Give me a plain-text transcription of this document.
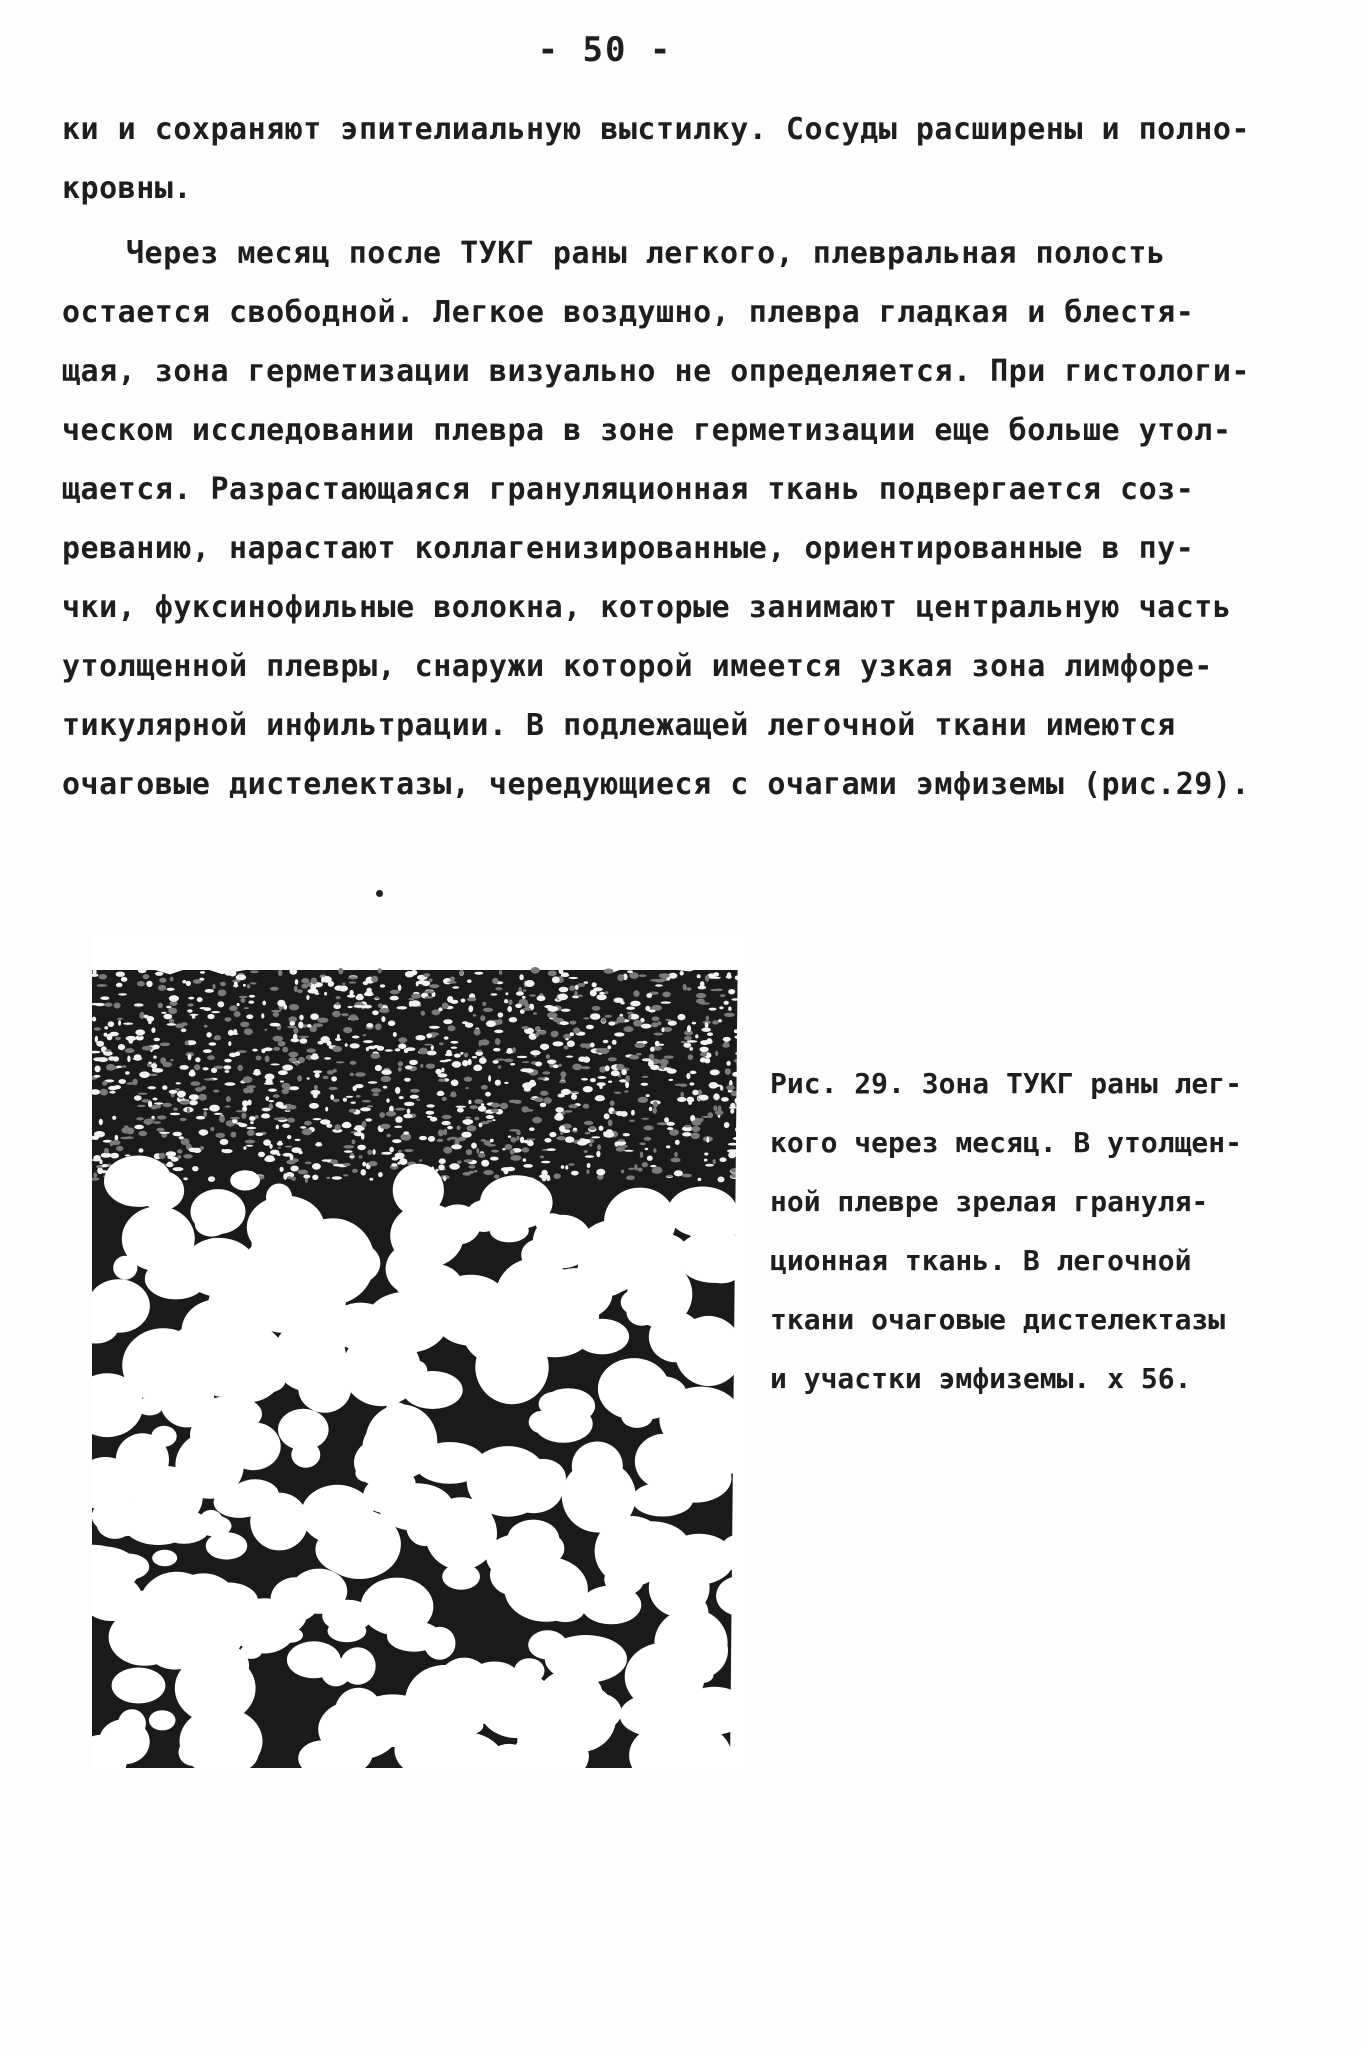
- 50 -
ки и сохраняют эпителиальную выстилку. Сосуды расширены и полно-
кровны.
Через месяц после ТУКГ раны легкого, плевральная полость
остается свободной. Легкое воздушно, плевра гладкая и блестя-
щая, зона герметизации визуально не определяется. При гистологи-
ческом исследовании плевра в зоне герметизации еще больше утол-
щается. Разрастающаяся грануляционная ткань подвергается соз-
реванию, нарастают коллагенизированные, ориентированные в пу-
чки, фуксинофильные волокна, которые занимают центральную часть
утолщенной плевры, снаружи которой имеется узкая зона лимфоре-
тикулярной инфильтрации. В подлежащей легочной ткани имеются
очаговые дистелектазы, чередующиеся с очагами эмфиземы (рис.29).
Рис. 29. Зона ТУКГ раны лег-
кого через месяц. В утолщен-
ной плевре зрелая грануля-
ционная ткань. В легочной
ткани очаговые дистелектазы
и участки эмфиземы. x 56.
